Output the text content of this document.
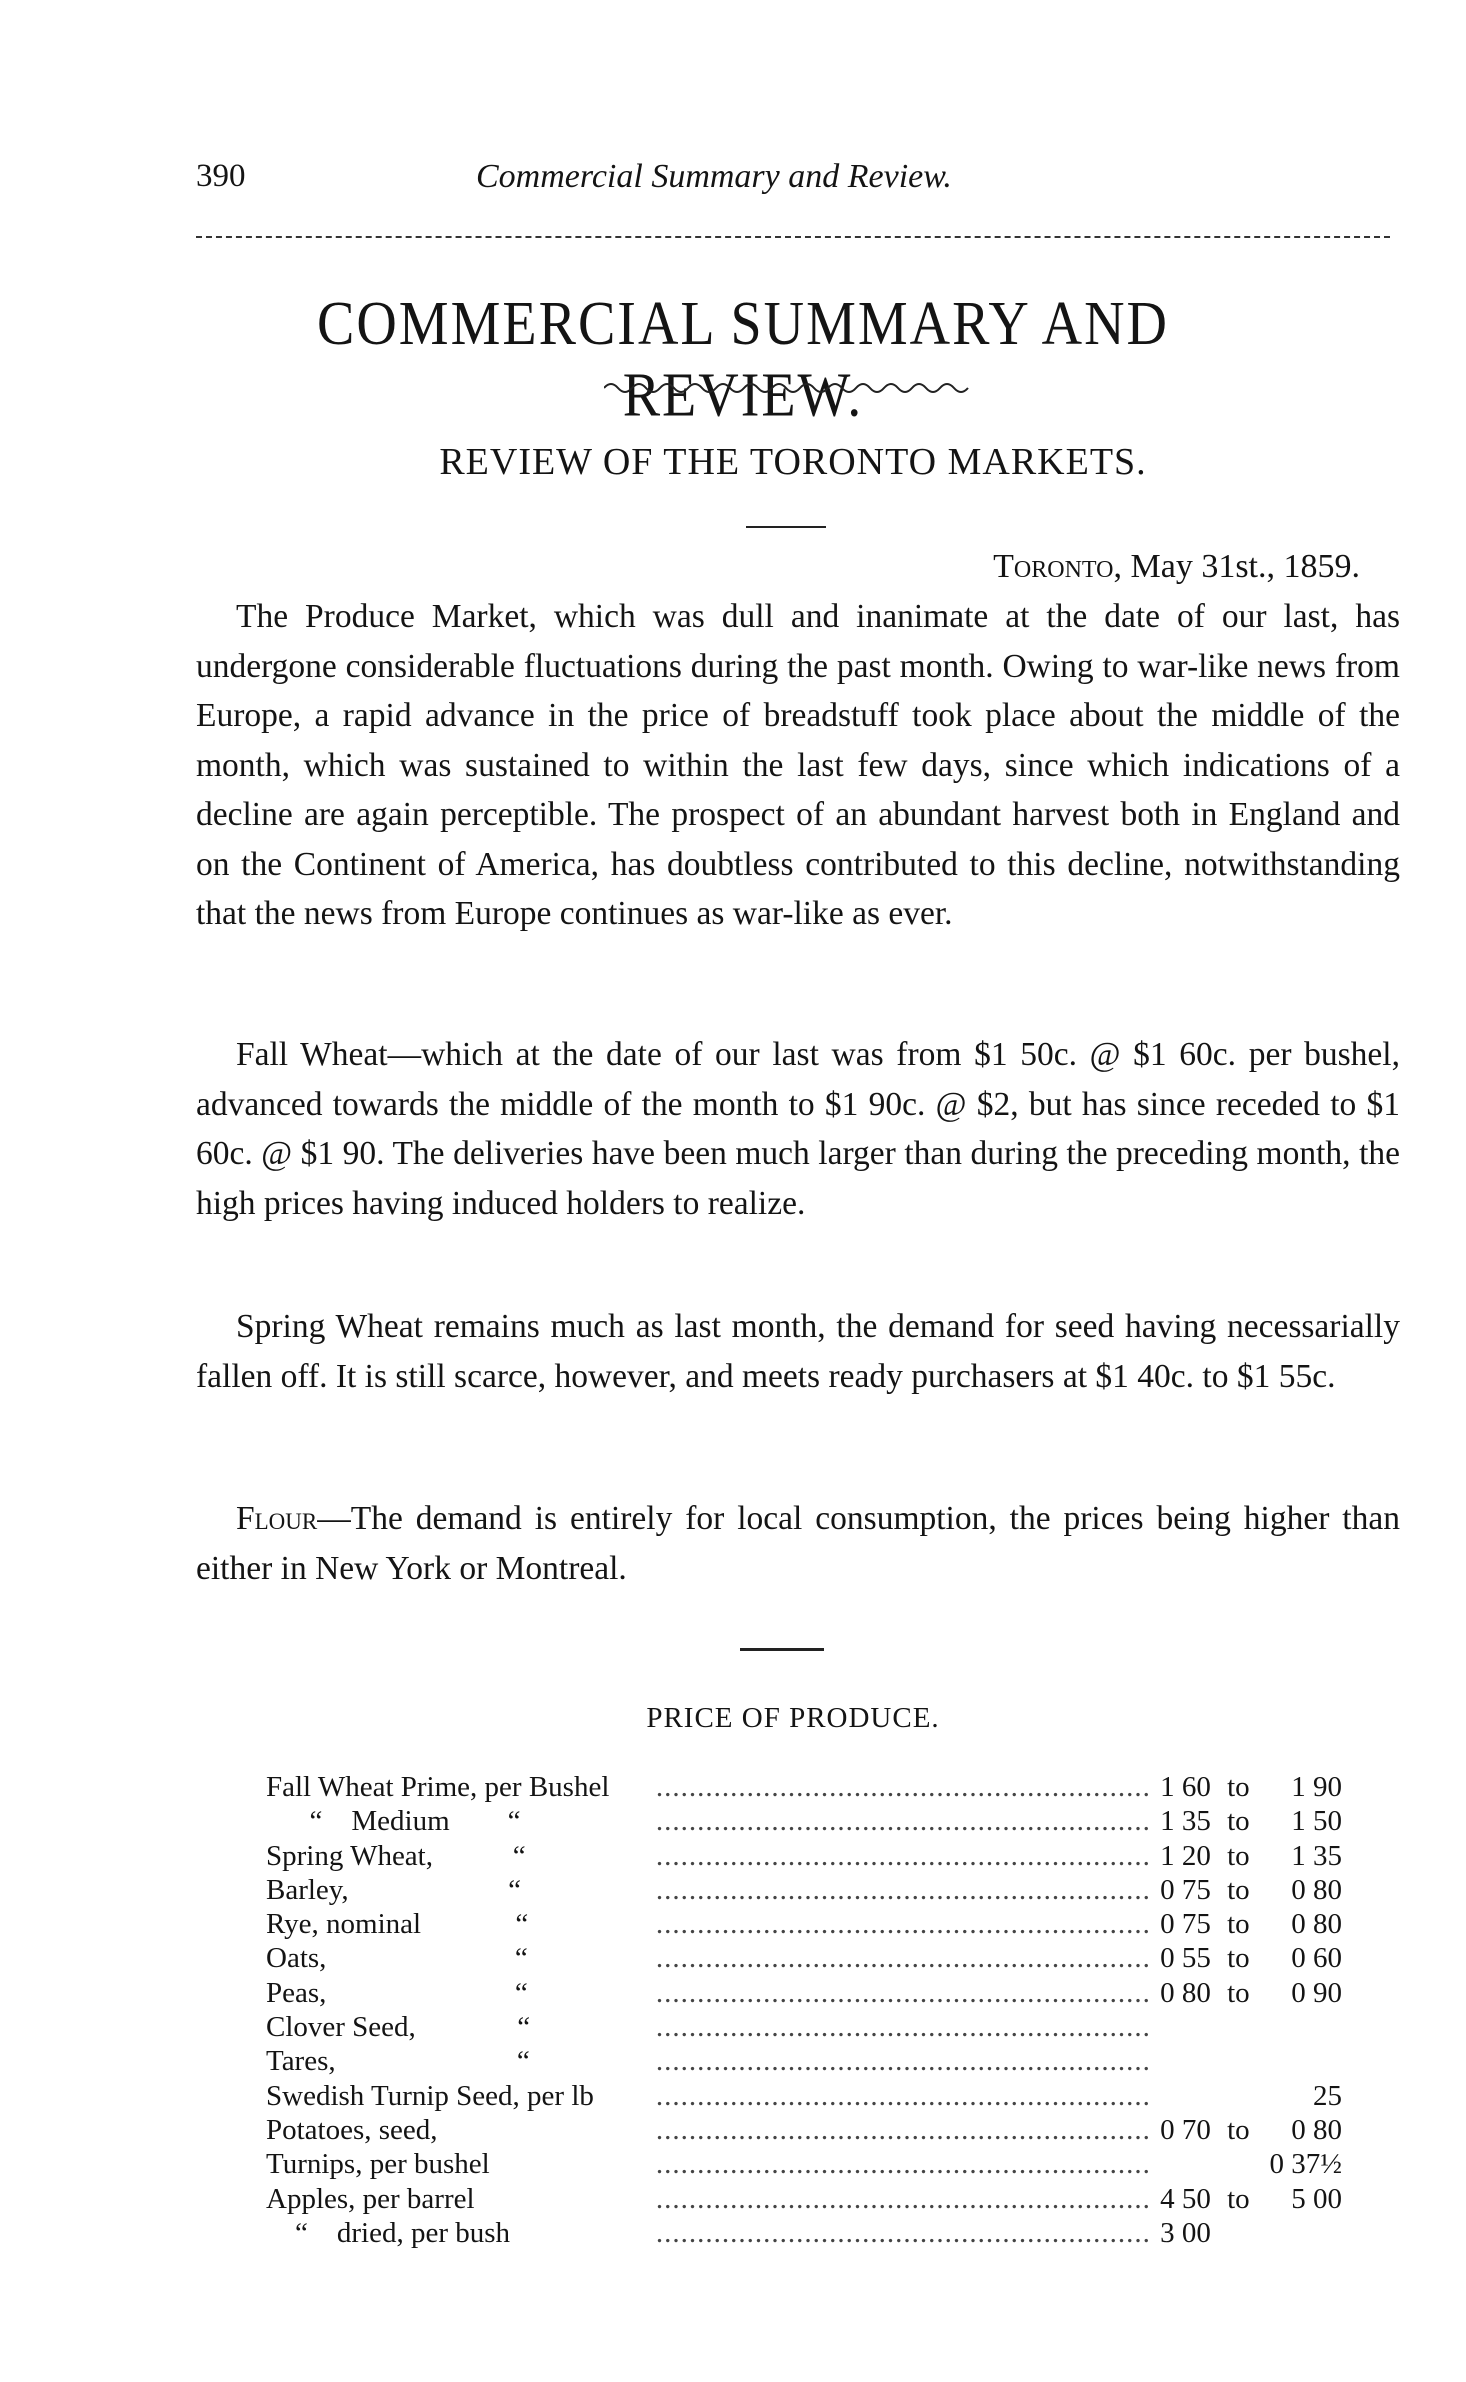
390	Commercial Summary and Review.
COMMERCIAL SUMMARY AND REVIEW.
REVIEW OF THE TORONTO MARKETS.
Toronto, May 31st., 1859.

The Produce Market, which was dull and inanimate at the date of our last, has undergone considerable fluctuations during the past month. Owing to war-like news from Europe, a rapid advance in the price of breadstuff took place about the middle of the month, which was sustained to within the last few days, since which indications of a decline are again perceptible. The prospect of an abundant harvest both in England and on the Continent of America, has doubtless contributed to this decline, notwithstanding that the news from Europe continues as war-like as ever.

Fall Wheat—which at the date of our last was from $1 50c. @ $1 60c. per bushel, advanced towards the middle of the month to $1 90c. @ $2, but has since receded to $1 60c. @ $1 90. The deliveries have been much larger than during the preceding month, the high prices having induced holders to realize.

Spring Wheat remains much as last month, the demand for seed having necessarially fallen off. It is still scarce, however, and meets ready purchasers at $1 40c. to $1 55c.

Flour—The demand is entirely for local consumption, the prices being higher than either in New York or Montreal.

PRICE OF PRODUCE.
Fall Wheat Prime, per Bushel	............................................................	1 60	to	1 90
“    Medium        “	............................................................	1 35	to	1 50
Spring Wheat,           “	............................................................	1 20	to	1 35
Barley,                      “	............................................................	0 75	to	0 80
Rye, nominal             “	............................................................	0 75	to	0 80
Oats,                          “	............................................................	0 55	to	0 60
Peas,                          “	............................................................	0 80	to	0 90
Clover Seed,              “	............................................................			
Tares,                         “	............................................................			
Swedish Turnip Seed, per lb	............................................................			25
Potatoes, seed,	............................................................	0 70	to	0 80
Turnips, per bushel	............................................................			0 37½
Apples, per barrel	............................................................	4 50	to	5 00
“    dried, per bush	............................................................	3 00		
